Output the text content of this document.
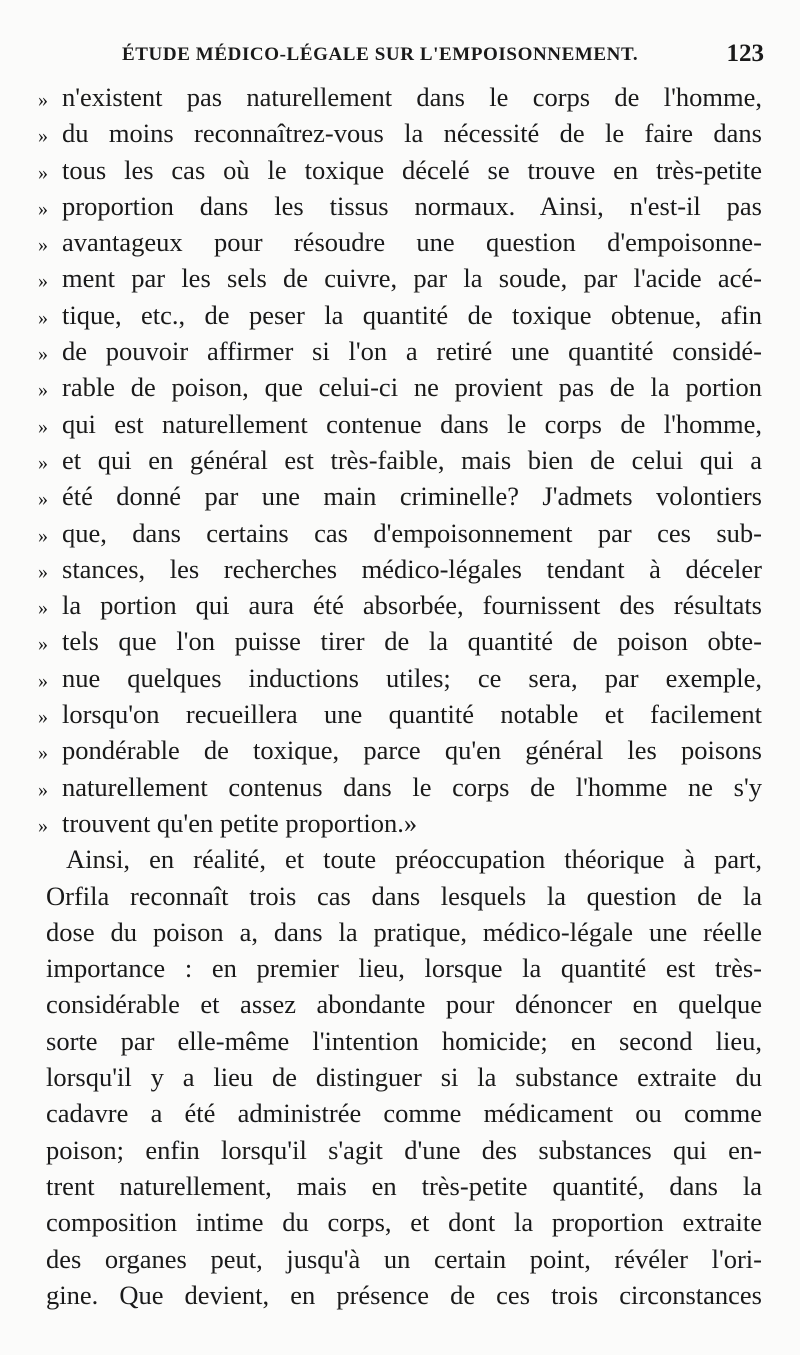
ÉTUDE MÉDICO-LÉGALE SUR L'EMPOISONNEMENT.	123
» n'existent pas naturellement dans le corps de l'homme,
» du moins reconnaîtrez-vous la nécessité de le faire dans
» tous les cas où le toxique décelé se trouve en très-petite
» proportion dans les tissus normaux. Ainsi, n'est-il pas
» avantageux pour résoudre une question d'empoisonne-
» ment par les sels de cuivre, par la soude, par l'acide acé-
» tique, etc., de peser la quantité de toxique obtenue, afin
» de pouvoir affirmer si l'on a retiré une quantité considé-
» rable de poison, que celui-ci ne provient pas de la portion
» qui est naturellement contenue dans le corps de l'homme,
» et qui en général est très-faible, mais bien de celui qui a
» été donné par une main criminelle? J'admets volontiers
» que, dans certains cas d'empoisonnement par ces sub-
» stances, les recherches médico-légales tendant à déceler
» la portion qui aura été absorbée, fournissent des résultats
» tels que l'on puisse tirer de la quantité de poison obte-
» nue quelques inductions utiles; ce sera, par exemple,
» lorsqu'on recueillera une quantité notable et facilement
» pondérable de toxique, parce qu'en général les poisons
» naturellement contenus dans le corps de l'homme ne s'y
» trouvent qu'en petite proportion.»
Ainsi, en réalité, et toute préoccupation théorique à part,
Orfila reconnaît trois cas dans lesquels la question de la
dose du poison a, dans la pratique, médico-légale une réelle
importance : en premier lieu, lorsque la quantité est très-
considérable et assez abondante pour dénoncer en quelque
sorte par elle-même l'intention homicide; en second lieu,
lorsqu'il y a lieu de distinguer si la substance extraite du
cadavre a été administrée comme médicament ou comme
poison; enfin lorsqu'il s'agit d'une des substances qui en-
trent naturellement, mais en très-petite quantité, dans la
composition intime du corps, et dont la proportion extraite
des organes peut, jusqu'à un certain point, révéler l'ori-
gine. Que devient, en présence de ces trois circonstances
